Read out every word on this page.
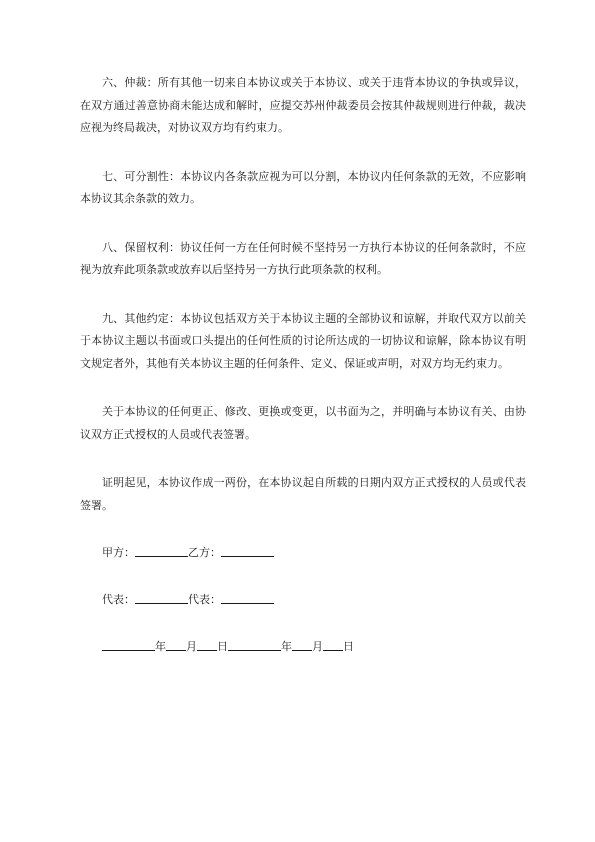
六、仲裁：所有其他一切来自本协议或关于本协议、或关于违背本协议的争执或异议，在双方通过善意协商未能达成和解时，应提交苏州仲裁委员会按其仲裁规则进行仲裁，裁决应视为终局裁决，对协议双方均有约束力。

七、可分割性：本协议内各条款应视为可以分割，本协议内任何条款的无效，不应影响本协议其余条款的效力。

八、保留权利：协议任何一方在任何时候不坚持另一方执行本协议的任何条款时，不应视为放弃此项条款或放弃以后坚持另一方执行此项条款的权利。

九、其他约定：本协议包括双方关于本协议主题的全部协议和谅解，并取代双方以前关于本协议主题以书面或口头提出的任何性质的讨论所达成的一切协议和谅解，除本协议有明文规定者外，其他有关本协议主题的任何条件、定义、保证或声明，对双方均无约束力。

关于本协议的任何更正、修改、更换或变更，以书面为之，并明确与本协议有关、由协议双方正式授权的人员或代表签署。

证明起见，本协议作成一两份，在本协议起自所载的日期内双方正式授权的人员或代表签署。

甲方：	乙方：
代表：	代表：
年 月 日	年 月 日
